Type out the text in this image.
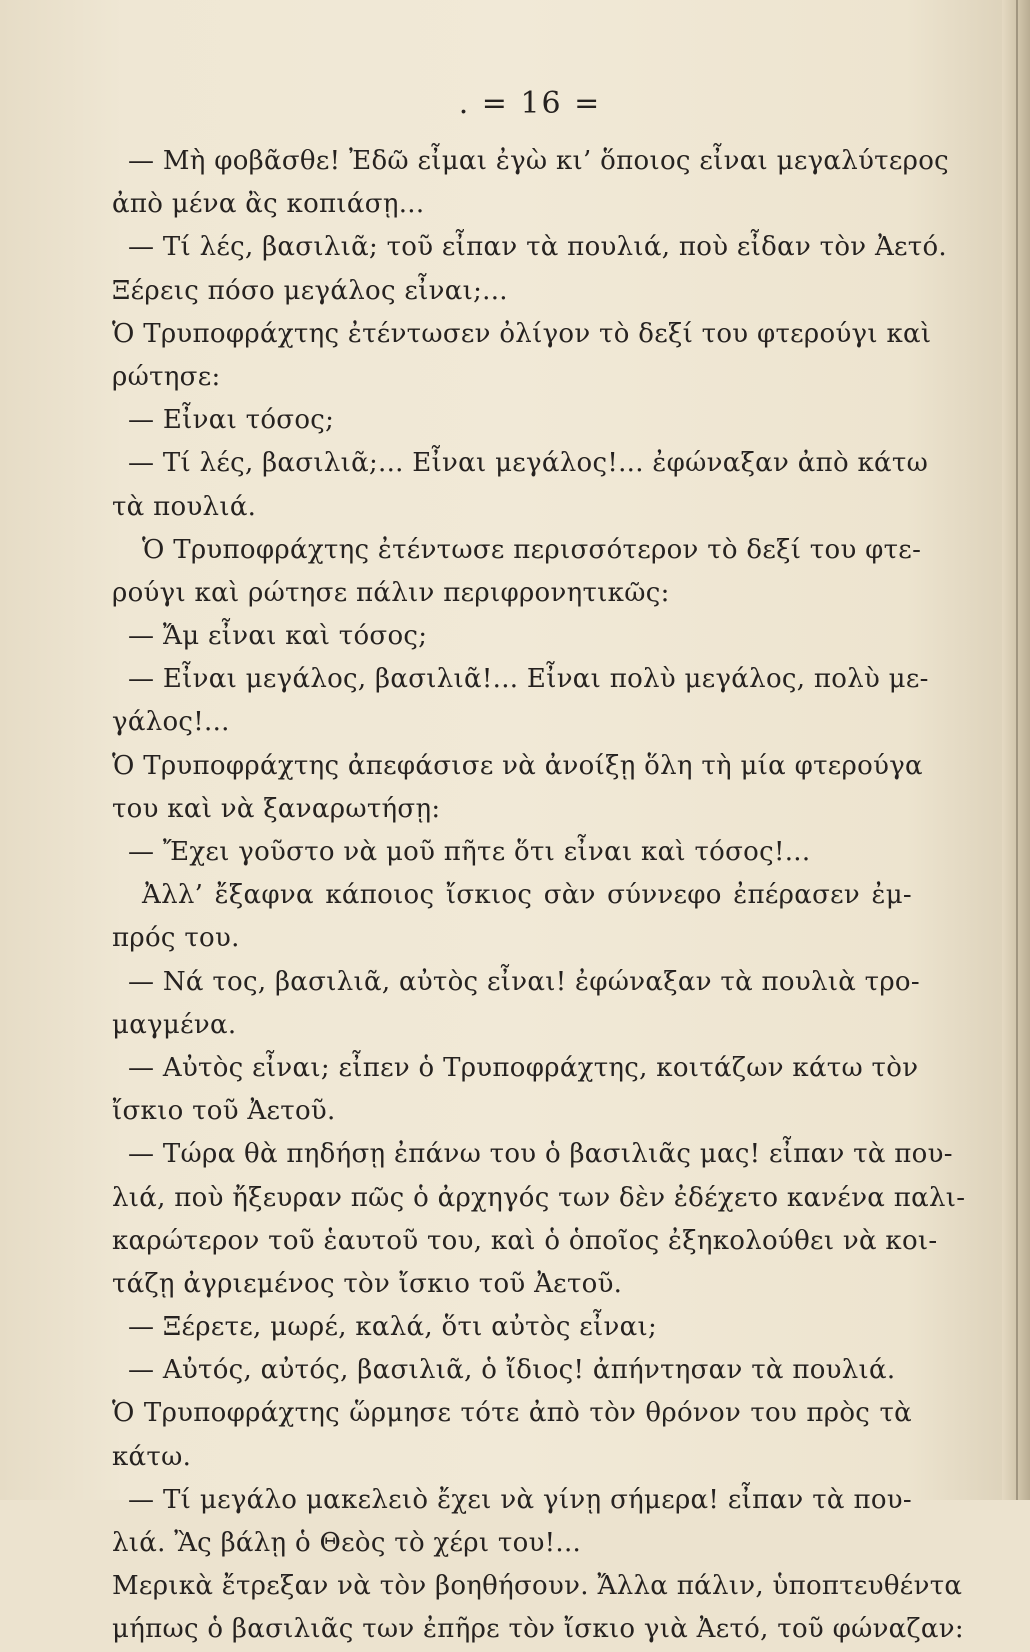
. = 16 =
— Μὴ φοβᾶσθε! Ἐδῶ εἶμαι ἐγὼ κι’ ὅποιος εἶναι μεγαλύτερος
ἀπὸ μένα ἂς κοπιάσῃ...
— Τί λές, βασιλιᾶ; τοῦ εἶπαν τὰ πουλιά, ποὺ εἶδαν τὸν Ἀετό.
Ξέρεις πόσο μεγάλος εἶναι;...
Ὁ Τρυποφράχτης ἐτέντωσεν ὀλίγον τὸ δεξί του φτερούγι καὶ
ρώτησε:
— Εἶναι τόσος;
— Τί λές, βασιλιᾶ;... Εἶναι μεγάλος!... ἐφώναξαν ἀπὸ κάτω
τὰ πουλιά.
Ὁ Τρυποφράχτης ἐτέντωσε περισσότερον τὸ δεξί του φτε-
ρούγι καὶ ρώτησε πάλιν περιφρονητικῶς:
— Ἄμ εἶναι καὶ τόσος;
— Εἶναι μεγάλος, βασιλιᾶ!... Εἶναι πολὺ μεγάλος, πολὺ με-
γάλος!...
Ὁ Τρυποφράχτης ἀπεφάσισε νὰ ἀνοίξῃ ὅλη τὴ μία φτερούγα
του καὶ νὰ ξαναρωτήσῃ:
— Ἔχει γοῦστο νὰ μοῦ πῆτε ὅτι εἶναι καὶ τόσος!...
Ἀλλ’ ἔξαφνα κάποιος ἴσκιος σὰν σύννεφο ἐπέρασεν ἐμ-
πρός του.
— Νά τος, βασιλιᾶ, αὐτὸς εἶναι! ἐφώναξαν τὰ πουλιὰ τρο-
μαγμένα.
— Αὐτὸς εἶναι; εἶπεν ὁ Τρυποφράχτης, κοιτάζων κάτω τὸν
ἴσκιο τοῦ Ἀετοῦ.
— Τώρα θὰ πηδήσῃ ἐπάνω του ὁ βασιλιᾶς μας! εἶπαν τὰ που-
λιά, ποὺ ἤξευραν πῶς ὁ ἀρχηγός των δὲν ἐδέχετο κανένα παλι-
καρώτερον τοῦ ἑαυτοῦ του, καὶ ὁ ὁποῖος ἐξηκολούθει νὰ κοι-
τάζῃ ἀγριεμένος τὸν ἴσκιο τοῦ Ἀετοῦ.
— Ξέρετε, μωρέ, καλά, ὅτι αὐτὸς εἶναι;
— Αὐτός, αὐτός, βασιλιᾶ, ὁ ἴδιος! ἀπήντησαν τὰ πουλιά.
Ὁ Τρυποφράχτης ὥρμησε τότε ἀπὸ τὸν θρόνον του πρὸς τὰ
κάτω.
— Τί μεγάλο μακελειὸ ἔχει νὰ γίνῃ σήμερα! εἶπαν τὰ που-
λιά. Ἂς βάλῃ ὁ Θεὸς τὸ χέρι του!...
Μερικὰ ἔτρεξαν νὰ τὸν βοηθήσουν. Ἄλλα πάλιν, ὑποπτευθέντα
μήπως ὁ βασιλιᾶς των ἐπῆρε τὸν ἴσκιο γιὰ Ἀετό, τοῦ φώναζαν:
